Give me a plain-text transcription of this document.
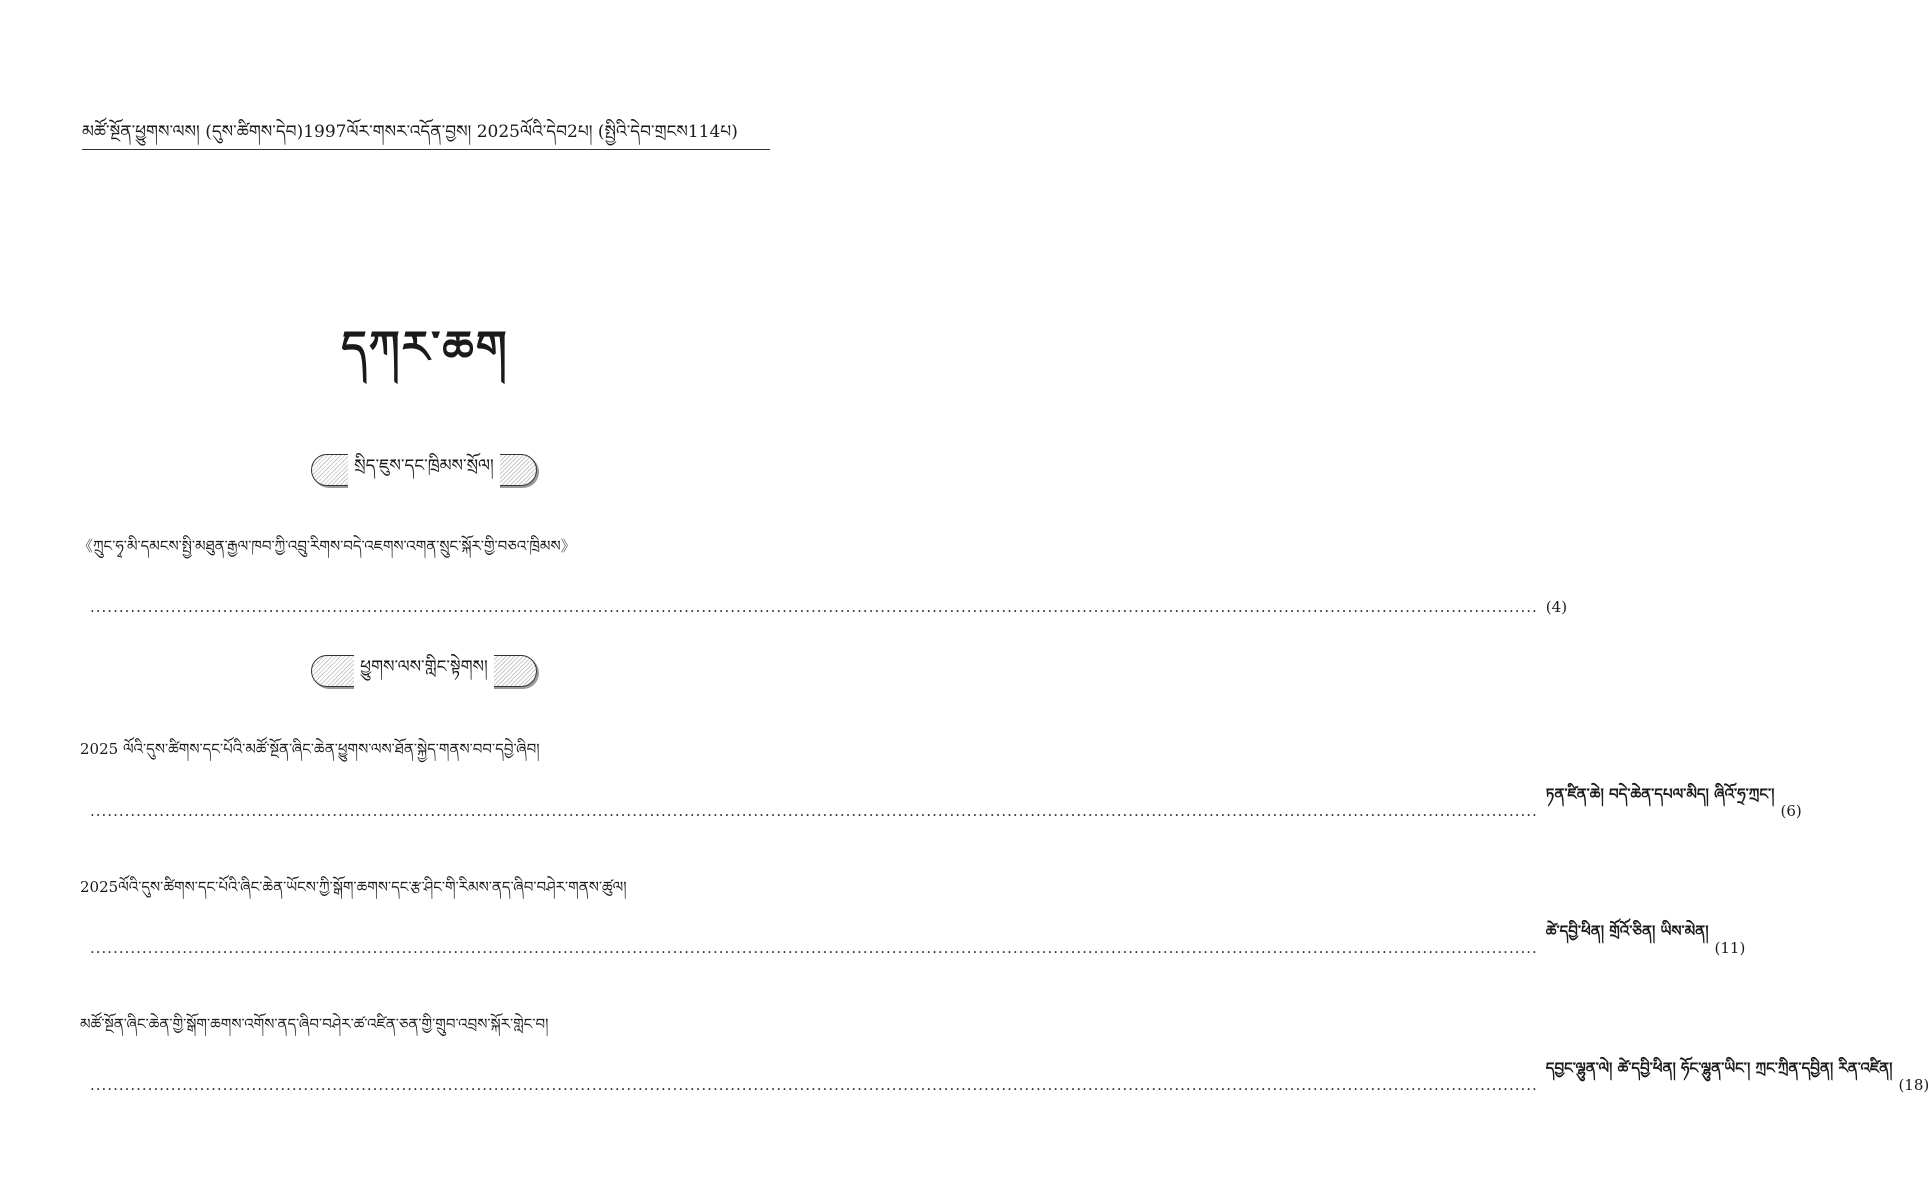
མཚོ་སྔོན་ཕྱུགས་ལས། (དུས་ཚིགས་དེབ)1997ལོར་གསར་འདོན་བྱས། 2025ལོའི་དེབ2པ། (སྤྱིའི་དེབ་གྲངས114པ)
དཀར་ཆག
སྲིད་ཇུས་དང་ཁྲིམས་སྲོལ།
《ཀྲུང་ཧྭ་མི་དམངས་སྤྱི་མཐུན་རྒྱལ་ཁབ་ཀྱི་འབྲུ་རིགས་བདེ་འཇགས་འགན་སྲུང་སྐོར་གྱི་བཅའ་ཁྲིམས》
........................................................................................................................................................................................................................................................... (4)
ཕྱུགས་ལས་གླིང་སྟེགས།
2025 ལོའི་དུས་ཚིགས་དང་པོའི་མཚོ་སྔོན་ཞིང་ཆེན་ཕྱུགས་ལས་ཐོན་སྐྱེད་གནས་བབ་དབྱེ་ཞིབ།
...........................................................................................................................................................................................................................................................
ཏན་ཛིན་ཆེ། བདེ་ཆེན་དཔལ་མིད། ཞིའོ་ཧྲ་ཀྲང་།
(6)
2025ལོའི་དུས་ཚིགས་དང་པོའི་ཞིང་ཆེན་ཡོངས་ཀྱི་སྒོག་ཆགས་དང་རྩ་ཤིང་གི་རིམས་ནད་ཞིབ་བཤེར་གནས་ཚུལ།
...........................................................................................................................................................................................................................................................
ཚེ་དབྱི་ཕིན། གྲོའོ་ཅིན། ཡིས་མེན།
(11)
མཚོ་སྔོན་ཞིང་ཆེན་གྱི་སྒོག་ཆགས་འགོས་ནད་ཞིབ་བཤེར་ཚ་འཛིན་ཅན་གྱི་གྲུབ་འབྲས་སྐོར་གླེང་བ།
...........................................................................................................................................................................................................................................................
དབྱང་ལྷུན་ལེ། ཚེ་དབྱི་ཕིན། ཧོང་ལྷུན་ཡིང་། ཀྲང་ཀྲིན་དབྱིན། རིན་འཛིན།
(18)
